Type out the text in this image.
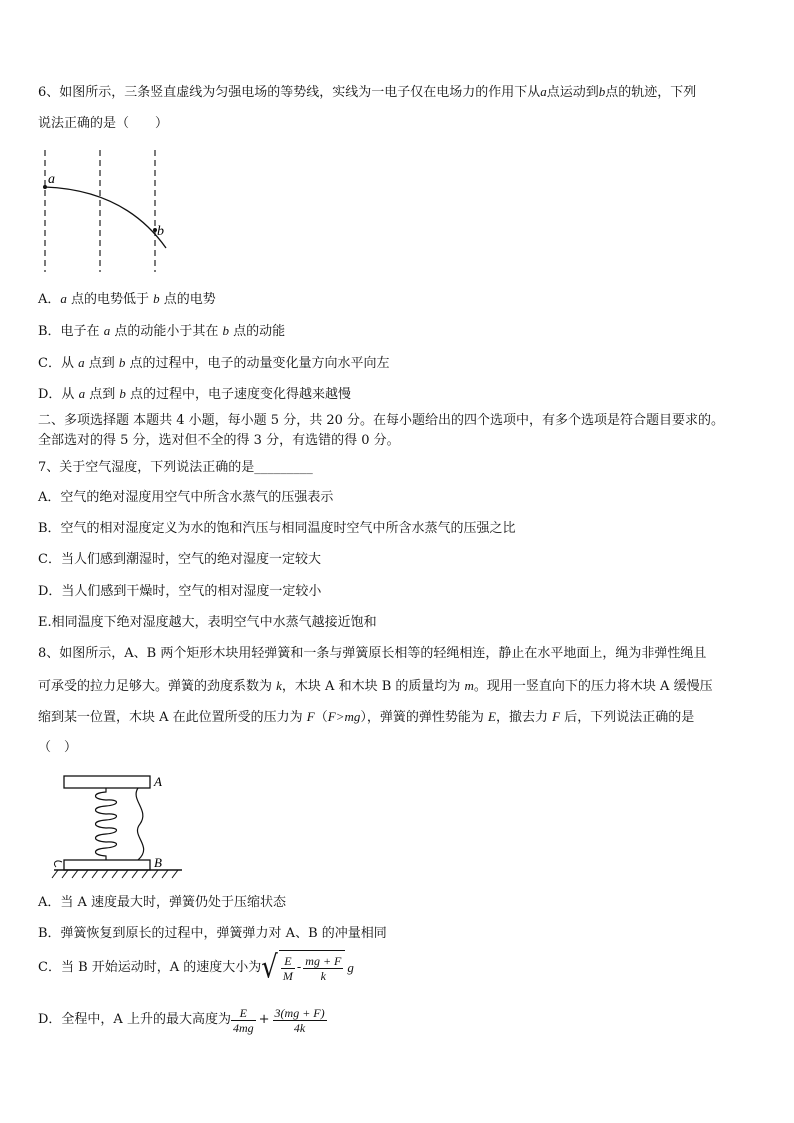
6、如图所示，三条竖直虚线为匀强电场的等势线，实线为一电子仅在电场力的作用下从a点运动到b点的轨迹，下列
说法正确的是（　　）
a
b
A．a 点的电势低于 b 点的电势
B．电子在 a 点的动能小于其在 b 点的动能
C．从 a 点到 b 点的过程中，电子的动量变化量方向水平向左
D．从 a 点到 b 点的过程中，电子速度变化得越来越慢
二、多项选择题 本题共 4 小题，每小题 5 分，共 20 分。在每小题给出的四个选项中，有多个选项是符合题目要求的。
全部选对的得 5 分，选对但不全的得 3 分，有选错的得 0 分。
7、关于空气湿度，下列说法正确的是_________
A．空气的绝对湿度用空气中所含水蒸气的压强表示
B．空气的相对湿度定义为水的饱和汽压与相同温度时空气中所含水蒸气的压强之比
C．当人们感到潮湿时，空气的绝对湿度一定较大
D．当人们感到干燥时，空气的相对湿度一定较小
E.相同温度下绝对湿度越大，表明空气中水蒸气越接近饱和
8、如图所示，A、B 两个矩形木块用轻弹簧和一条与弹簧原长相等的轻绳相连，静止在水平地面上，绳为非弹性绳且
可承受的拉力足够大。弹簧的劲度系数为 k，木块 A 和木块 B 的质量均为 m。现用一竖直向下的压力将木块 A 缓慢压
缩到某一位置，木块 A 在此位置所受的压力为 F（F>mg），弹簧的弹性势能为 E，撤去力 F 后，下列说法正确的是
（　）
A
B
A．当 A 速度最大时，弹簧仍处于压缩状态
B．弹簧恢复到原长的过程中，弹簧弹力对 A、B 的冲量相同
C．当 B 开始运动时，A 的速度大小为√ $\frac{E}{M} - \frac{mg + F}{k}$ g
D．全程中，A 上升的最大高度为 $\frac{E}{4mg} + \frac{3(mg + F)}{4k}$
